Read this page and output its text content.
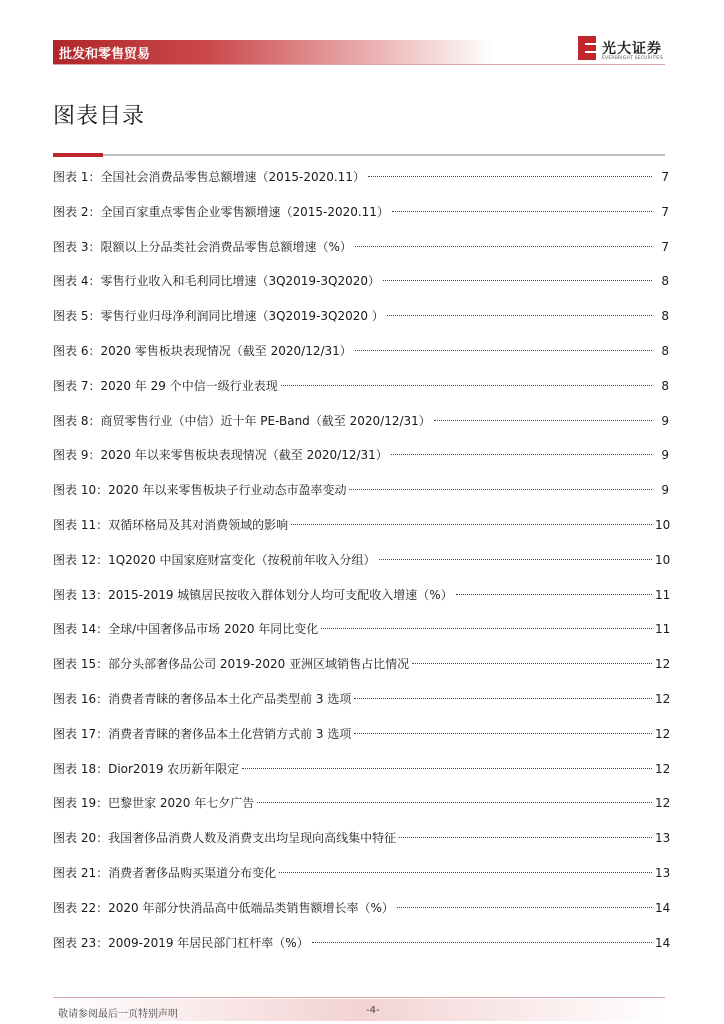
批发和零售贸易	光大证券
EVERBRIGHT SECURITIES
图表目录
图表 1：全国社会消费品零售总额增速（2015-2020.11）	7
图表 2：全国百家重点零售企业零售额增速（2015-2020.11）	7
图表 3：限额以上分品类社会消费品零售总额增速（%）	7
图表 4：零售行业收入和毛利同比增速（3Q2019-3Q2020）	8
图表 5：零售行业归母净利润同比增速（3Q2019-3Q2020 ）	8
图表 6：2020 零售板块表现情况（截至 2020/12/31）	8
图表 7：2020 年 29 个中信一级行业表现	8
图表 8：商贸零售行业（中信）近十年 PE-Band（截至 2020/12/31）	9
图表 9：2020 年以来零售板块表现情况（截至 2020/12/31）	9
图表 10：2020 年以来零售板块子行业动态市盈率变动	9
图表 11：双循环格局及其对消费领域的影响	10
图表 12：1Q2020 中国家庭财富变化（按税前年收入分组）	10
图表 13：2015-2019 城镇居民按收入群体划分人均可支配收入增速（%）	11
图表 14：全球/中国奢侈品市场 2020 年同比变化	11
图表 15：部分头部奢侈品公司 2019-2020 亚洲区域销售占比情况	12
图表 16：消费者青睐的奢侈品本土化产品类型前 3 选项	12
图表 17：消费者青睐的奢侈品本土化营销方式前 3 选项	12
图表 18：Dior2019 农历新年限定	12
图表 19：巴黎世家 2020 年七夕广告	12
图表 20：我国奢侈品消费人数及消费支出均呈现向高线集中特征	13
图表 21：消费者奢侈品购买渠道分布变化	13
图表 22：2020 年部分快消品高中低端品类销售额增长率（%）	14
图表 23：2009-2019 年居民部门杠杆率（%）	14
敬请参阅最后一页特别声明	-4-
